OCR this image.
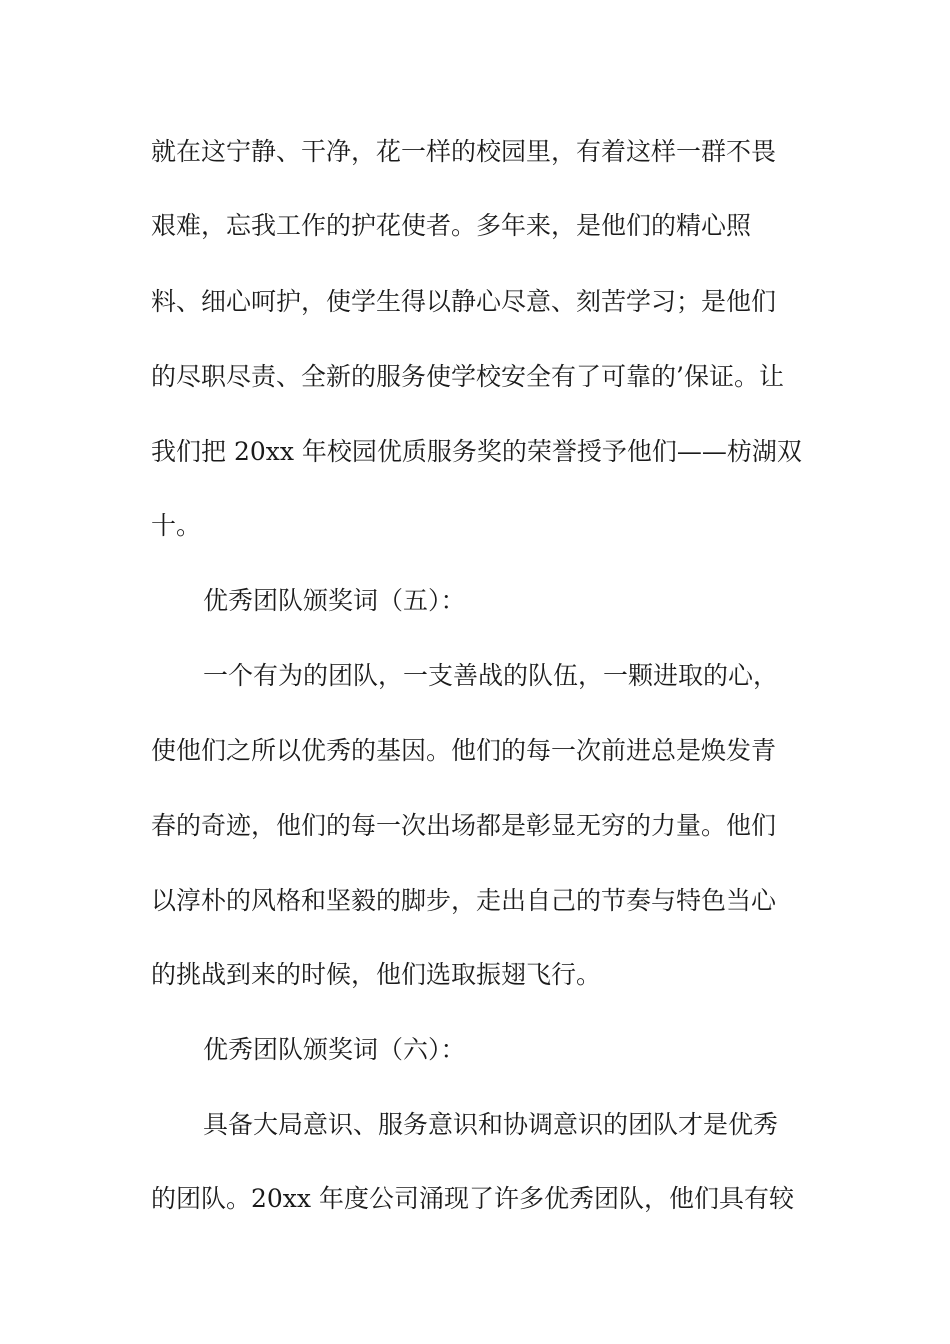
就在这宁静、干净，花一样的校园里，有着这样一群不畏
艰难，忘我工作的护花使者。多年来，是他们的精心照
料、细心呵护，使学生得以静心尽意、刻苦学习；是他们
的尽职尽责、全新的服务使学校安全有了可靠的’保证。让
我们把 20xx 年校园优质服务奖的荣誉授予他们——枋湖双
十。
优秀团队颁奖词（五）：
一个有为的团队，一支善战的队伍，一颗进取的心，
使他们之所以优秀的基因。他们的每一次前进总是焕发青
春的奇迹，他们的每一次出场都是彰显无穷的力量。他们
以淳朴的风格和坚毅的脚步，走出自己的节奏与特色当心
的挑战到来的时候，他们选取振翅飞行。
优秀团队颁奖词（六）：
具备大局意识、服务意识和协调意识的团队才是优秀
的团队。20xx 年度公司涌现了许多优秀团队，他们具有较
